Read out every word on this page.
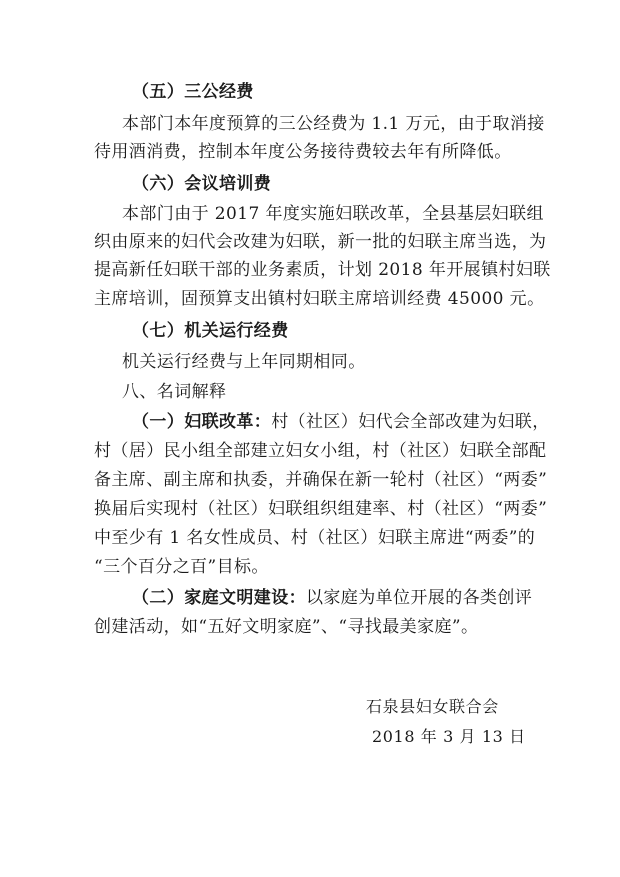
（五）三公经费
本部门本年度预算的三公经费为 1.1 万元，由于取消接
待用酒消费，控制本年度公务接待费较去年有所降低。
（六）会议培训费
本部门由于 2017 年度实施妇联改革，全县基层妇联组
织由原来的妇代会改建为妇联，新一批的妇联主席当选，为
提高新任妇联干部的业务素质，计划 2018 年开展镇村妇联
主席培训，固预算支出镇村妇联主席培训经费 45000 元。
（七）机关运行经费
机关运行经费与上年同期相同。
八、名词解释
（一）妇联改革：村（社区）妇代会全部改建为妇联，
村（居）民小组全部建立妇女小组，村（社区）妇联全部配
备主席、副主席和执委，并确保在新一轮村（社区）“两委”
换届后实现村（社区）妇联组织组建率、村（社区）“两委”
中至少有 1 名女性成员、村（社区）妇联主席进“两委”的
“三个百分之百”目标。
（二）家庭文明建设：以家庭为单位开展的各类创评
创建活动，如“五好文明家庭”、“寻找最美家庭”。
石泉县妇女联合会
2018 年 3 月 13 日
